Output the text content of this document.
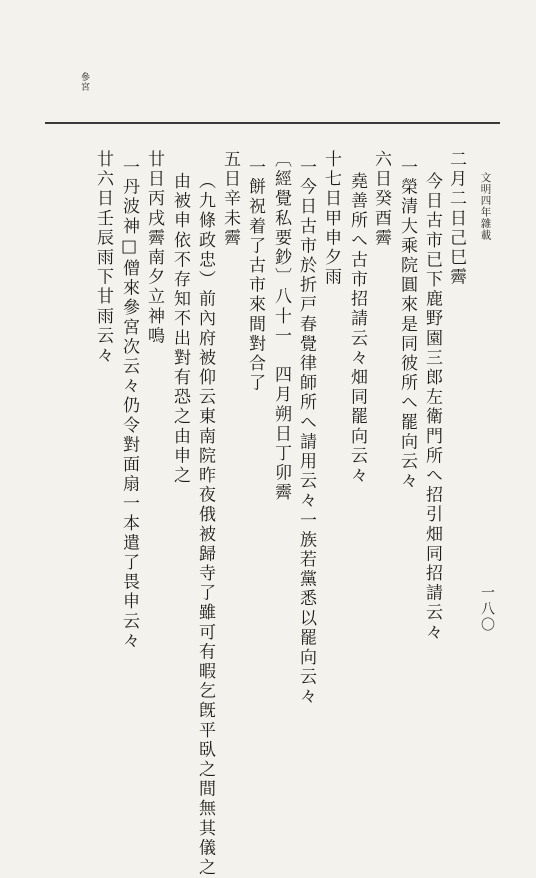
文明四年雜載
一八〇
參宮
二月二日己巳霽
今日古市已下鹿野園三郎左衛門所へ招引畑同招請云々
一榮清大乘院圓來是同彼所へ罷向云々
六日癸酉霽
堯善所へ古市招請云々畑同罷向云々
十七日甲申夕雨
一今日古市於折戸春覺律師所へ請用云々一族若黨悉以罷向云々
〔經覺私要鈔〕八十一　四月朔日丁卯霽
一餅祝着了古市來間對合了
五日辛未霽
（九條政忠）前內府被仰云東南院昨夜俄被歸寺了雖可有暇乞旣平臥之間無其儀之
由被申依不存知不出對有恐之由申之
廿日丙戌霽南夕立神鳴
一丹波神□僧來參宮次云々仍令對面扇一本遣了畏申云々
廿六日壬辰雨下甘雨云々
